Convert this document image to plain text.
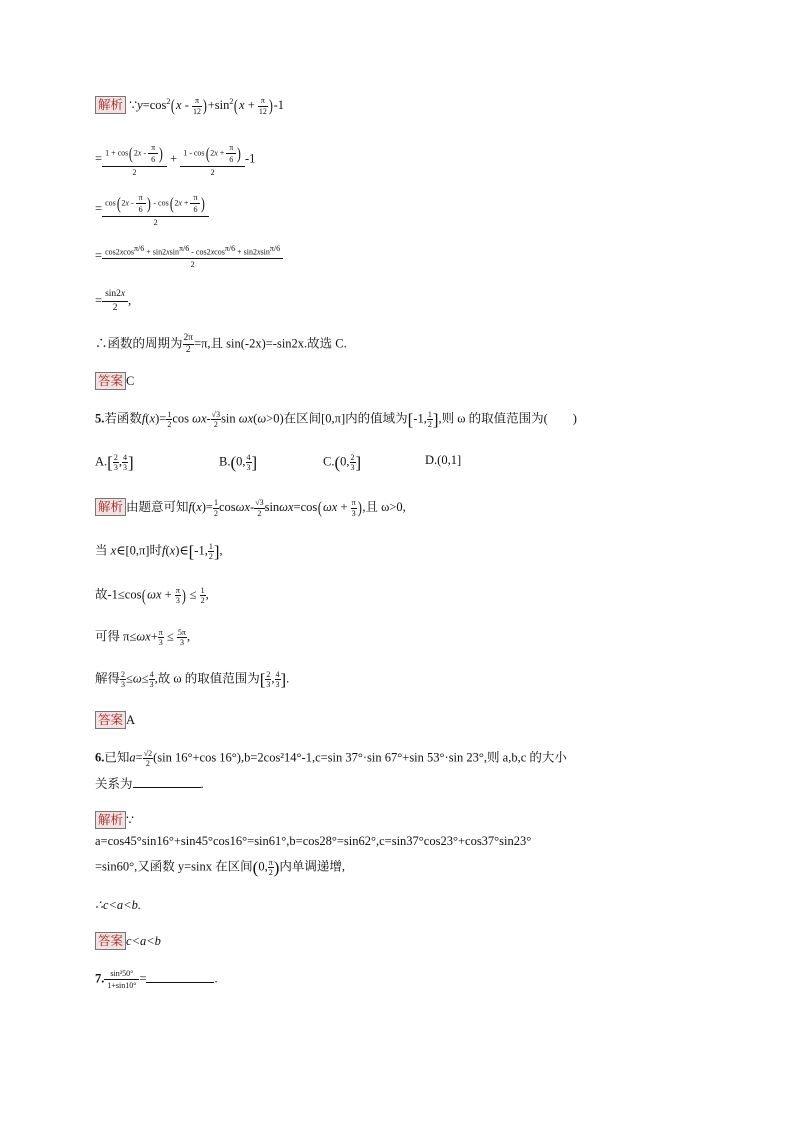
解析 $\because y=\cos^2(x - \frac{\pi}{12} )+\sin^2(x + \frac{\pi}{12} )-1$
= $\frac{1 + \cos(2x - \frac{\pi}{6} )}{2} + \frac{1 - \cos(2x + \frac{\pi}{6} )}{2} -1$
= $\frac{\cos(2x - \frac{\pi}{6} ) - \cos(2x + \frac{\pi}{6} )}{2}$
= $\frac{\cos 2xcos\pi/6 + \sin 2xsin\pi/6 - \cos 2xcos\pi/6 + \sin 2xsin\pi/6}{2}$
= $\frac{\sin 2x}{2}$ ,
∴函数的周期为 $\frac{2\pi}{2} =\pi$,且 sin(-2x)=-sin2x.故选 C.
答案 C
5.若函数$f(x)= \frac{1}{2}$ $\cos \omega x- \frac{√3}{2}$ sin ωx(ω>0)在区间[0,π]内的值域为[-1, $\frac{1}{2}$ ],则 ω 的取值范围为(　　)
$A.[ \frac{2}{3}$ , $\frac{4}{3}$ ]	B.(0, $\frac{4}{3}$ ]	C.(0, $\frac{2}{3}$ ]	D.(0,1]
解析 由题意可知$f(x)= \frac{1}{2} \cos\omega x- \frac{√3}{2} \sin\omega x=\cos(\omega x + \frac{\pi}{3}$ ),且 ω>0,
当 x∈[0,π]时f(x)∈[-1, $\frac{1}{2}$ ],
故$-1\le\cos(\omega x + \frac{\pi}{3}$ ) ≤ $\frac{1}{2}$ ,
可得 $\pi\le\omega x+ \frac{\pi}{3} \le \frac{5\pi}{3}$ ,
解得 $\frac{2}{3} \le\omega\le \frac{4}{3}$ ,故 ω 的取值范围为[ $\frac{2}{3}$ , $\frac{4}{3}$ ].
答案 A
6.已知$a= \frac{√2}{2} (\sin$ 16°+cos 16°),b=2cos²14°-1,c=sin 37°·sin 67°+sin 53°·sin 23°,则 a,b,c 的大小
关系为	.
解析 ∵
a=cos45°sin16°+sin45°cos16°=sin61°,b=cos28°=sin62°,c=sin37°cos23°+cos37°sin23°
=sin60°,又函数 y=sinx 在区间(0, $\frac{\pi}{2}$ )内单调递增,
∴c<a<b.
答案 c<a<b
7. $\frac{\text{sin²50°}}{1+\sin 10^\circ}$ =	.
